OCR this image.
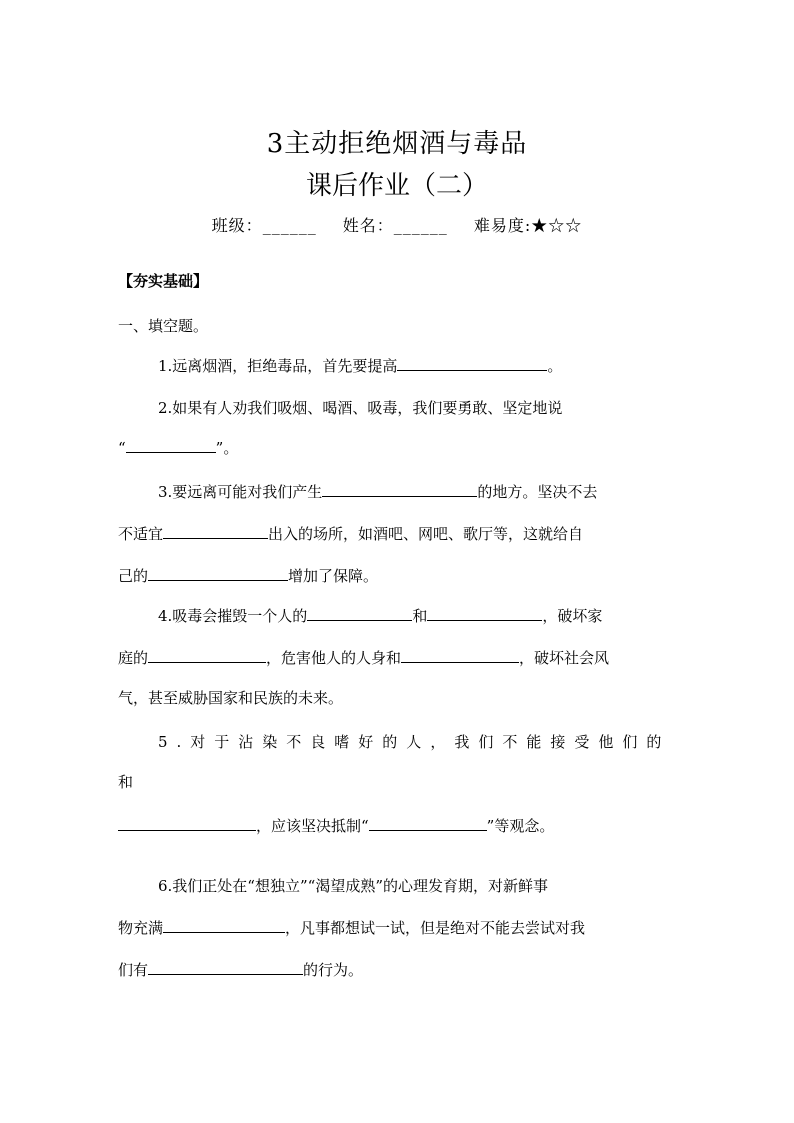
3主动拒绝烟酒与毒品
课后作业（二）
班级：______ 姓名：______ 难易度:★☆☆
【夯实基础】
一、填空题。
1.远离烟酒，拒绝毒品，首先要提高	。
2.如果有人劝我们吸烟、喝酒、吸毒，我们要勇敢、坚定地说
“	”。
3.要远离可能对我们产生	的地方。坚决不去
不适宜	出入的场所，如酒吧、网吧、歌厅等，这就给自
己的	增加了保障。
4.吸毒会摧毁一个人的	和	，破坏家
庭的	，危害他人的人身和	，破坏社会风
气，甚至威胁国家和民族的未来。
5.对于沾染不良嗜好的人，我们不能接受他们的
和
，应该坚决抵制“	”等观念。
6.我们正处在“想独立”“渴望成熟”的心理发育期，对新鲜事
物充满	，凡事都想试一试，但是绝对不能去尝试对我
们有	的行为。
